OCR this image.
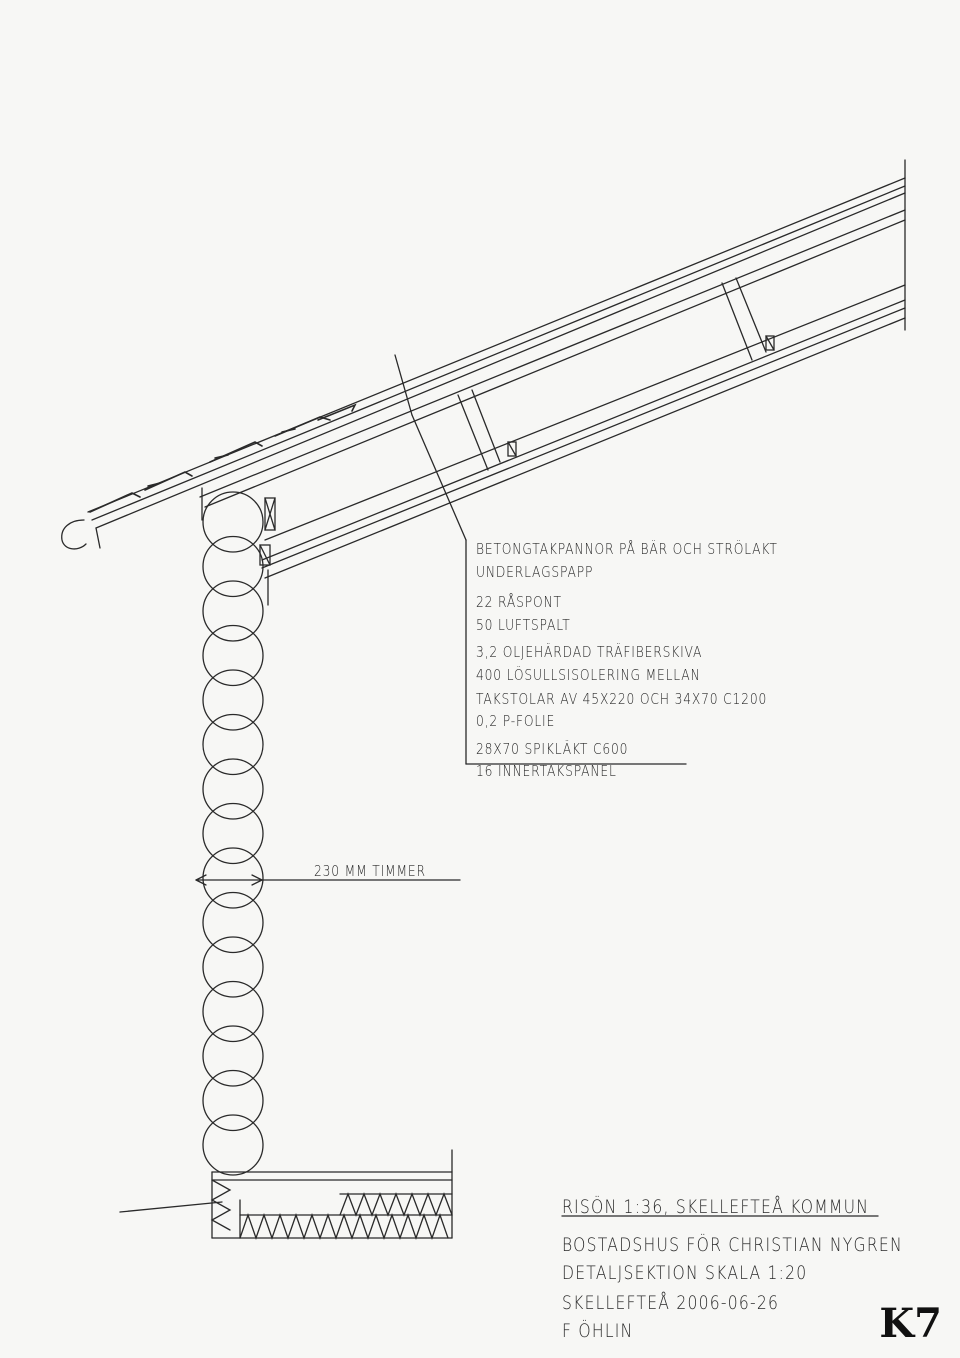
BETONGTAKPANNOR PÅ BÄR OCH STRÖLAKT
UNDERLAGSPAPP
22 RÅSPONT
50 LUFTSPALT
3,2 OLJEHÄRDAD TRÄFIBERSKIVA
400 LÖSULLSISOLERING MELLAN
TAKSTOLAR AV 45X220 OCH 34X70 C1200
0,2 P-FOLIE
28X70 SPIKLÄKT C600
16 INNERTAKSPANEL
230 MM TIMMER
RISÖN 1:36, SKELLEFTEÅ KOMMUN
BOSTADSHUS FÖR CHRISTIAN NYGREN
DETALJSEKTION SKALA 1:20
SKELLEFTEÅ 2006-06-26
F ÖHLIN	K7
